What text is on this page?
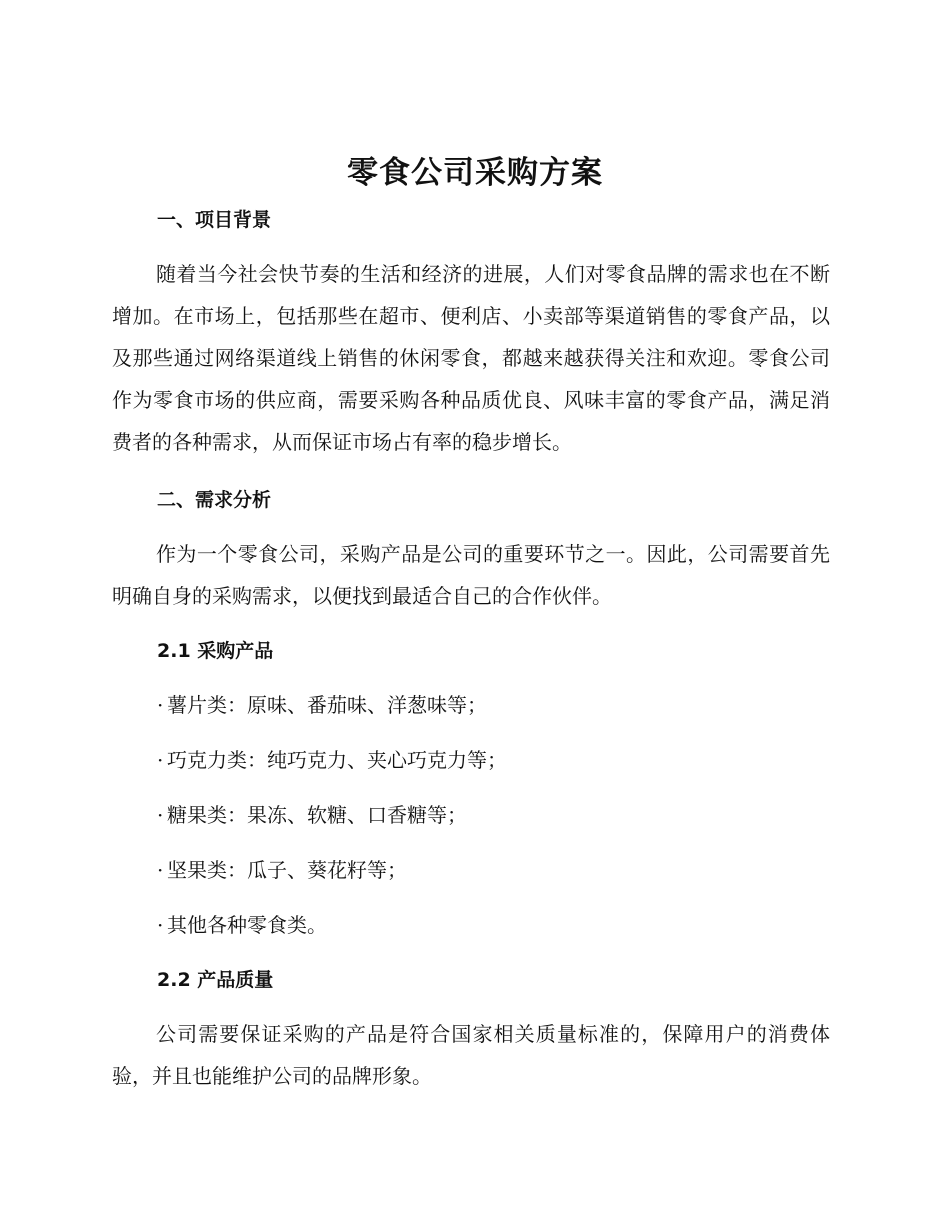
零食公司采购方案
一、项目背景

随着当今社会快节奏的生活和经济的进展，人们对零食品牌的需求也在不断增加。在市场上，包括那些在超市、便利店、小卖部等渠道销售的零食产品，以及那些通过网络渠道线上销售的休闲零食，都越来越获得关注和欢迎。零食公司作为零食市场的供应商，需要采购各种品质优良、风味丰富的零食产品，满足消费者的各种需求，从而保证市场占有率的稳步增长。

二、需求分析

作为一个零食公司，采购产品是公司的重要环节之一。因此，公司需要首先明确自身的采购需求，以便找到最适合自己的合作伙伴。

2.1 采购产品

· 薯片类：原味、番茄味、洋葱味等；

· 巧克力类：纯巧克力、夹心巧克力等；

· 糖果类：果冻、软糖、口香糖等；

· 坚果类：瓜子、葵花籽等；

· 其他各种零食类。

2.2 产品质量

公司需要保证采购的产品是符合国家相关质量标准的，保障用户的消费体验，并且也能维护公司的品牌形象。
